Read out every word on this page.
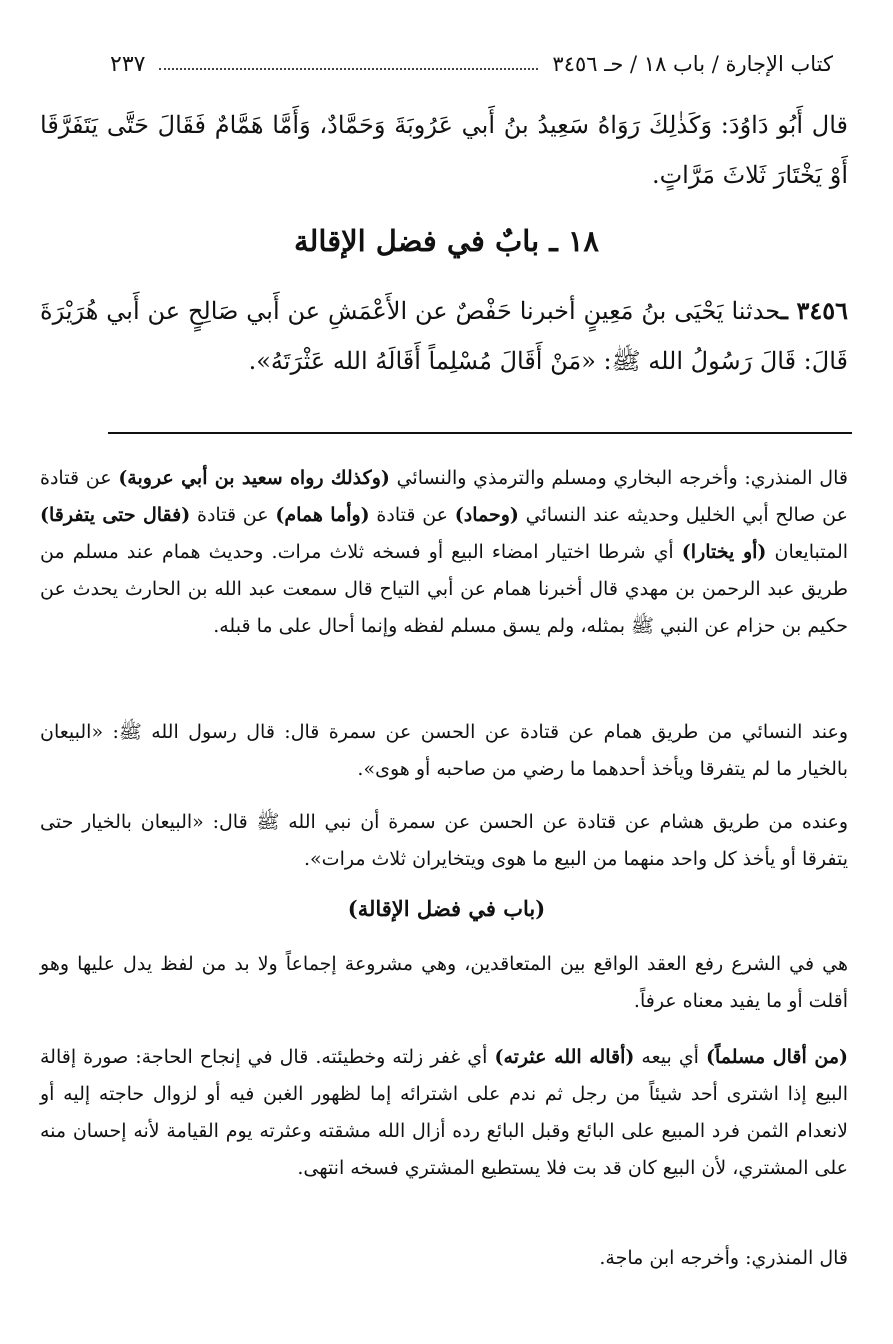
كتاب الإجارة / باب ١٨ / حـ ٣٤٥٦
٢٣٧
قال أَبُو دَاوُدَ: وَكَذٰلِكَ رَوَاهُ سَعِيدُ بنُ أَبي عَرُوبَةَ وَحَمَّادٌ، وَأَمَّا هَمَّامٌ فَقَالَ حَتَّى يَتَفَرَّقَا أَوْ يَخْتَارَ ثَلاثَ مَرَّاتٍ.
١٨ ـ بابٌ في فضل الإقالة
٣٤٥٦ ـحدثنا يَحْيَى بنُ مَعِينٍ أخبرنا حَفْصٌ عن الأَعْمَشِ عن أَبي صَالِحٍ عن أَبي هُرَيْرَةَ قَالَ: قَالَ رَسُولُ الله ﷺ: «مَنْ أَقَالَ مُسْلِماً أَقَالَهُ الله عَثْرَتَهُ».
قال المنذري: وأخرجه البخاري ومسلم والترمذي والنسائي (وكذلك رواه سعيد بن أبي عروبة) عن قتادة عن صالح أبي الخليل وحديثه عند النسائي (وحماد) عن قتادة (وأما همام) عن قتادة (فقال حتى يتفرقا) المتبايعان (أو يختارا) أي شرطا اختيار امضاء البيع أو فسخه ثلاث مرات. وحديث همام عند مسلم من طريق عبد الرحمن بن مهدي قال أخبرنا همام عن أبي التياح قال سمعت عبد الله بن الحارث يحدث عن حكيم بن حزام عن النبي ﷺ بمثله، ولم يسق مسلم لفظه وإنما أحال على ما قبله.
وعند النسائي من طريق همام عن قتادة عن الحسن عن سمرة قال: قال رسول الله ﷺ: «البيعان بالخيار ما لم يتفرقا ويأخذ أحدهما ما رضي من صاحبه أو هوى».
وعنده من طريق هشام عن قتادة عن الحسن عن سمرة أن نبي الله ﷺ قال: «البيعان بالخيار حتى يتفرقا أو يأخذ كل واحد منهما من البيع ما هوى ويتخايران ثلاث مرات».
(باب في فضل الإقالة)
هي في الشرع رفع العقد الواقع بين المتعاقدين، وهي مشروعة إجماعاً ولا بد من لفظ يدل عليها وهو أقلت أو ما يفيد معناه عرفاً.
(من أقال مسلماً) أي بيعه (أقاله الله عثرته) أي غفر زلته وخطيئته. قال في إنجاح الحاجة: صورة إقالة البيع إذا اشترى أحد شيئاً من رجل ثم ندم على اشترائه إما لظهور الغبن فيه أو لزوال حاجته إليه أو لانعدام الثمن فرد المبيع على البائع وقبل البائع رده أزال الله مشقته وعثرته يوم القيامة لأنه إحسان منه على المشتري، لأن البيع كان قد بت فلا يستطيع المشتري فسخه انتهى.
قال المنذري: وأخرجه ابن ماجة.
